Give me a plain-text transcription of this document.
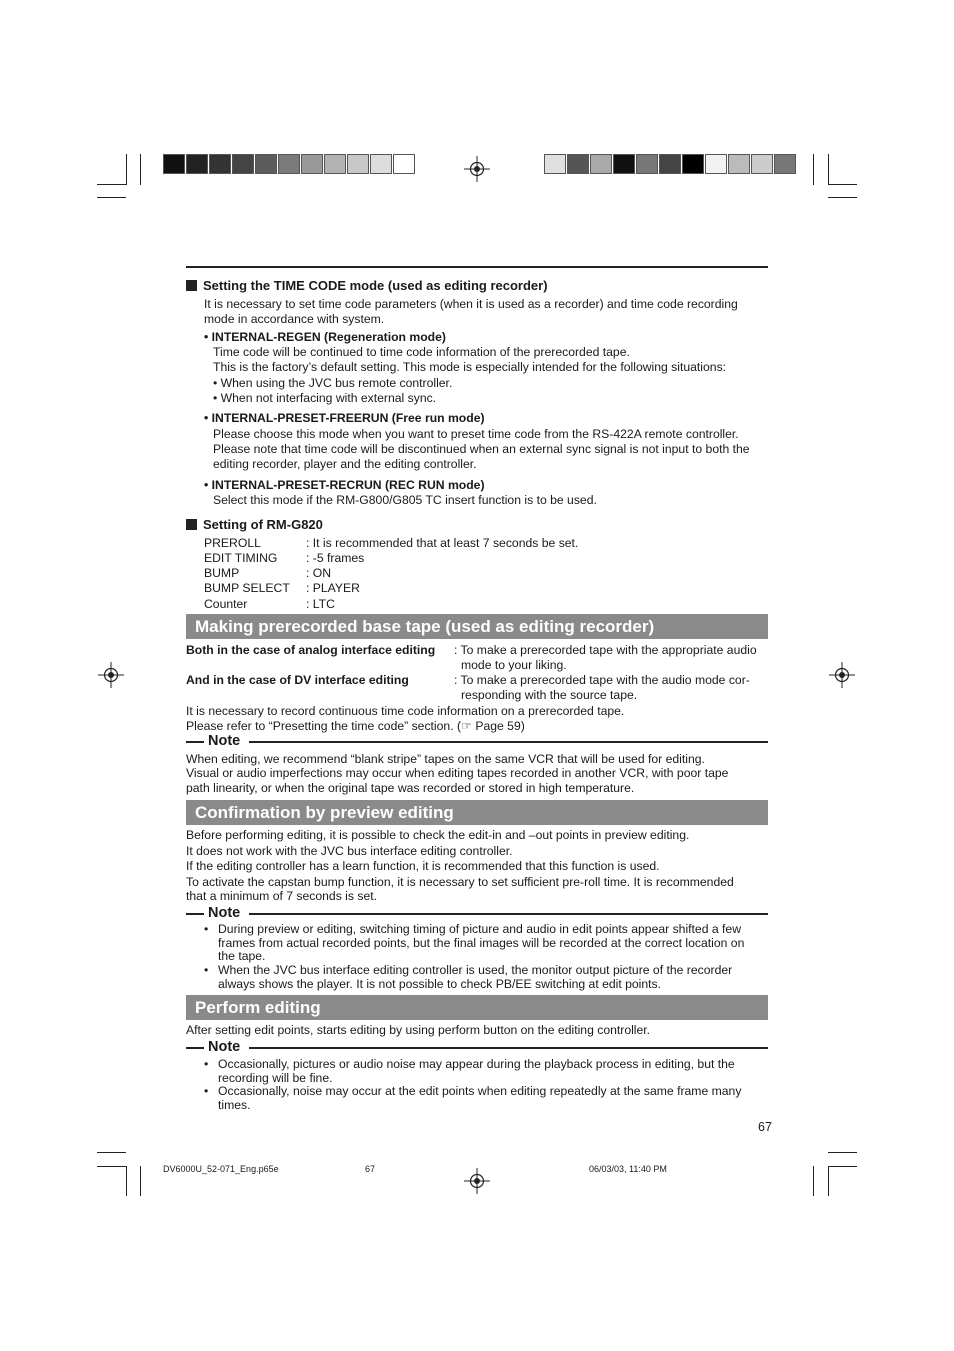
Setting the TIME CODE mode (used as editing recorder)
It is necessary to set time code parameters (when it is used as a recorder) and time code recording
mode in accordance with system.
• INTERNAL-REGEN (Regeneration mode)
Time code will be continued to time code information of the prerecorded tape.
This is the factory’s default setting. This mode is especially intended for the following situations:
• When using the JVC bus remote controller.
• When not interfacing with external sync.
• INTERNAL-PRESET-FREERUN (Free run mode)
Please choose this mode when you want to preset time code from the RS-422A remote controller.
Please note that time code will be discontinued when an external sync signal is not input to both the
editing recorder, player and the editing controller.
• INTERNAL-PRESET-RECRUN (REC RUN mode)
Select this mode if the RM-G800/G805 TC insert function is to be used.
Setting of RM-G820
PREROLL	: It is recommended that at least 7 seconds be set.
EDIT TIMING : -5 frames
BUMP	: ON
BUMP SELECT : PLAYER
Counter	: LTC
Making prerecorded base tape (used as editing recorder)
Both in the case of analog interface editing : To make a prerecorded tape with the appropriate audio
mode to your liking.
And in the case of DV interface editing	: To make a prerecorded tape with the audio mode cor-
responding with the source tape.
It is necessary to record continuous time code information on a prerecorded tape.
Please refer to “Presetting the time code” section. (☞ Page 59)
Note
When editing, we recommend “blank stripe” tapes on the same VCR that will be used for editing.
Visual or audio imperfections may occur when editing tapes recorded in another VCR, with poor tape
path linearity, or when the original tape was recorded or stored in high temperature.
Confirmation by preview editing
Before performing editing, it is possible to check the edit-in and –out points in preview editing.
It does not work with the JVC bus interface editing controller.
If the editing controller has a learn function, it is recommended that this function is used.
To activate the capstan bump function, it is necessary to set sufficient pre-roll time. It is recommended
that a minimum of 7 seconds is set.
Note
• During preview or editing, switching timing of picture and audio in edit points appear shifted a few
frames from actual recorded points, but the final images will be recorded at the correct location on
the tape.
• When the JVC bus interface editing controller is used, the monitor output picture of the recorder
always shows the player. It is not possible to check PB/EE switching at edit points.
Perform editing
After setting edit points, starts editing by using perform button on the editing controller.
Note
• Occasionally, pictures or audio noise may appear during the playback process in editing, but the
recording will be fine.
• Occasionally, noise may occur at the edit points when editing repeatedly at the same frame many
times.
67
DV6000U_52-071_Eng.p65e	67	06/03/03, 11:40 PM
